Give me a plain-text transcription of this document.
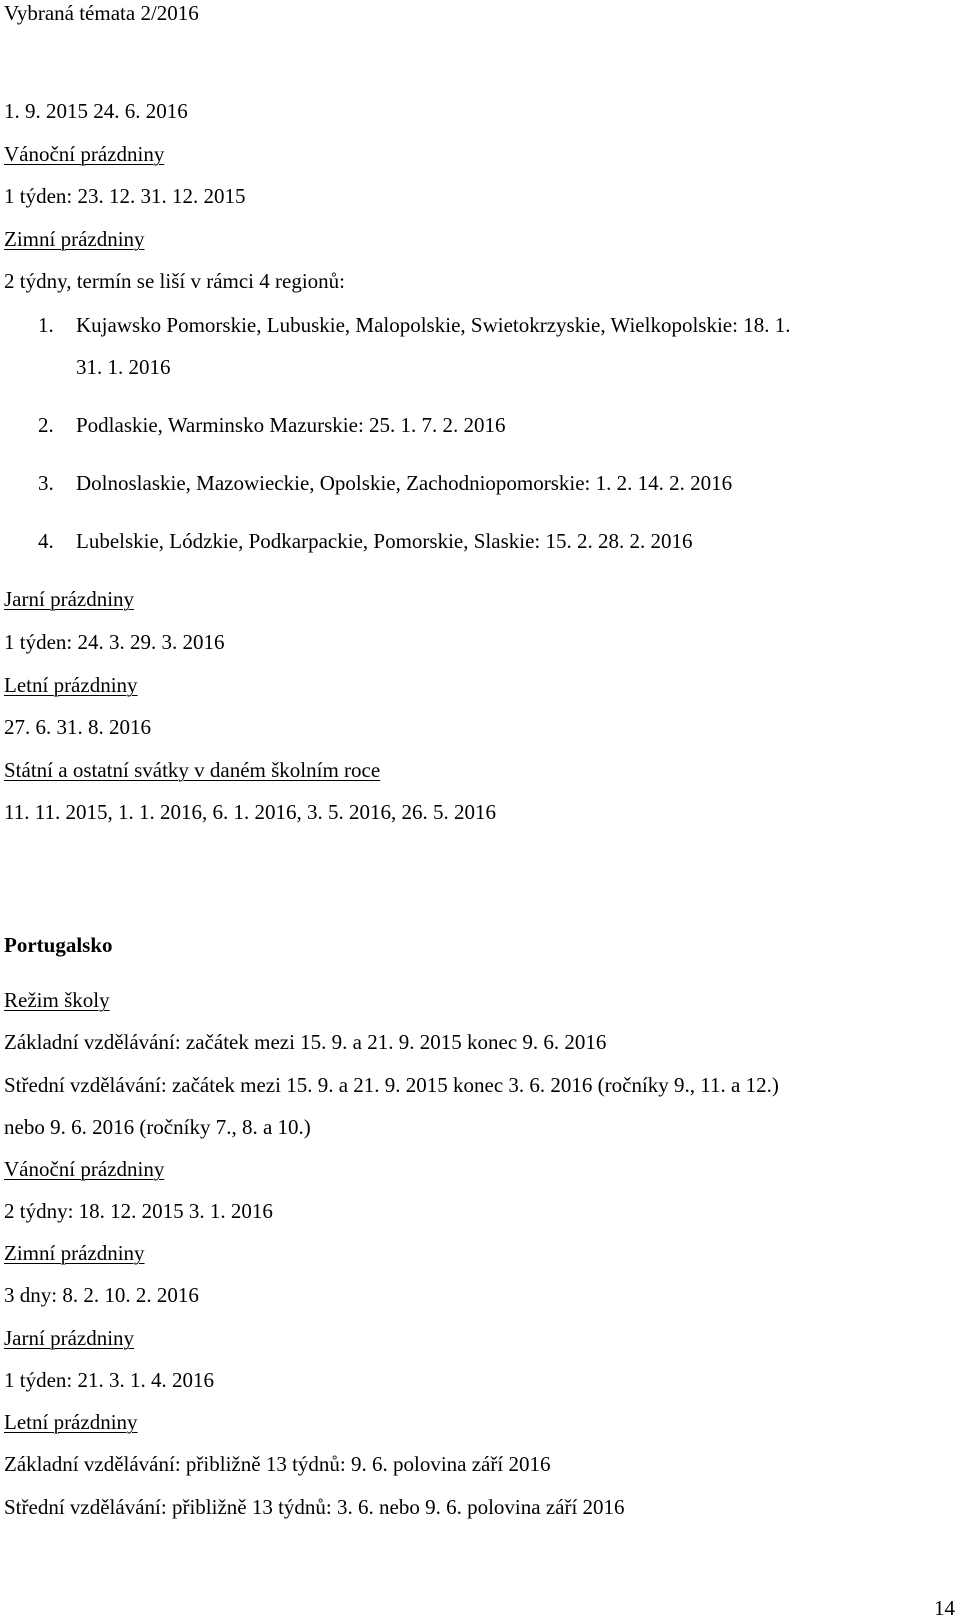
Vybraná témata 2/2016
1. 9. 2015 24. 6. 2016
Vánoční prázdniny
1 týden: 23. 12. 31. 12. 2015
Zimní prázdniny
2 týdny, termín se liší v rámci 4 regionů:
1. Kujawsko Pomorskie, Lubuskie, Malopolskie, Swietokrzyskie, Wielkopolskie: 18. 1.
31. 1. 2016
2. Podlaskie, Warminsko Mazurskie: 25. 1. 7. 2. 2016
3. Dolnoslaskie, Mazowieckie, Opolskie, Zachodniopomorskie: 1. 2. 14. 2. 2016
4. Lubelskie, Lódzkie, Podkarpackie, Pomorskie, Slaskie: 15. 2. 28. 2. 2016
Jarní prázdniny
1 týden: 24. 3. 29. 3. 2016
Letní prázdniny
27. 6. 31. 8. 2016
Státní a ostatní svátky v daném školním roce
11. 11. 2015, 1. 1. 2016, 6. 1. 2016, 3. 5. 2016, 26. 5. 2016
Portugalsko
Režim školy
Základní vzdělávání: začátek mezi 15. 9. a 21. 9. 2015 konec 9. 6. 2016
Střední vzdělávání: začátek mezi 15. 9. a 21. 9. 2015 konec 3. 6. 2016 (ročníky 9., 11. a 12.)
nebo 9. 6. 2016 (ročníky 7., 8. a 10.)
Vánoční prázdniny
2 týdny: 18. 12. 2015 3. 1. 2016
Zimní prázdniny
3 dny: 8. 2. 10. 2. 2016
Jarní prázdniny
1 týden: 21. 3. 1. 4. 2016
Letní prázdniny
Základní vzdělávání: přibližně 13 týdnů: 9. 6. polovina září 2016
Střední vzdělávání: přibližně 13 týdnů: 3. 6. nebo 9. 6. polovina září 2016
14
